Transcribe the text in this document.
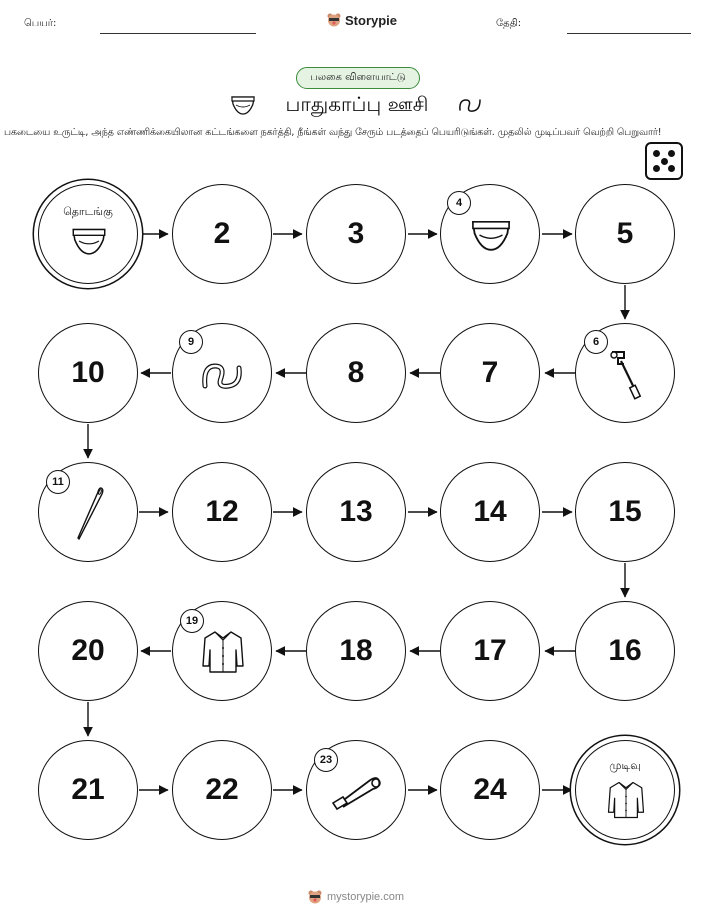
பெயர்:	Storypie	தேதி:
பலகை விளையாட்டு
பாதுகாப்பு ஊசி
பகடையை உருட்டி, அந்த எண்ணிக்கையிலான கட்டங்களை நகர்த்தி, நீங்கள் வந்து சேரும் படத்தைப் பெயரிடுங்கள். முதலில் முடிப்பவர் வெற்றி பெறுவார்!
தொடங்கு
2	3
4
5
10
9
8	7
6
11
12	13	14	15
20
19
18	17	16
21	22
23
24
முடிவு
mystorypie.com
